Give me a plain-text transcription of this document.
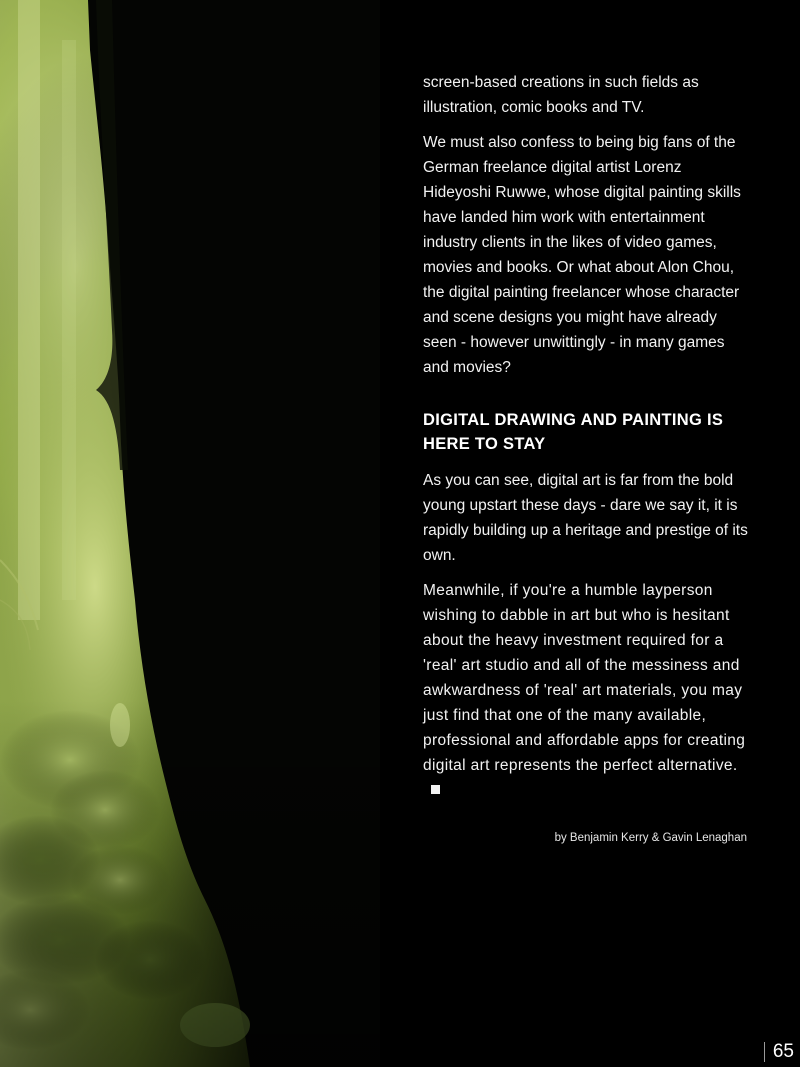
screen-based creations in such fields as illustration, comic books and TV.

We must also confess to being big fans of the German freelance digital artist Lorenz Hideyoshi Ruwwe, whose digital painting skills have landed him work with entertainment industry clients in the likes of video games, movies and books. Or what about Alon Chou, the digital painting freelancer whose character and scene designs you might have already seen - however unwittingly - in many games and movies?

DIGITAL DRAWING AND PAINTING IS HERE TO STAY

As you can see, digital art is far from the bold young upstart these days - dare we say it, it is rapidly building up a heritage and prestige of its own.

Meanwhile, if you're a humble layperson wishing to dabble in art but who is hesitant about the heavy investment required for a 'real' art studio and all of the messiness and awkwardness of 'real' art materials, you may just find that one of the many available, professional and affordable apps for creating digital art represents the perfect alternative.

by Benjamin Kerry & Gavin Lenaghan
65
